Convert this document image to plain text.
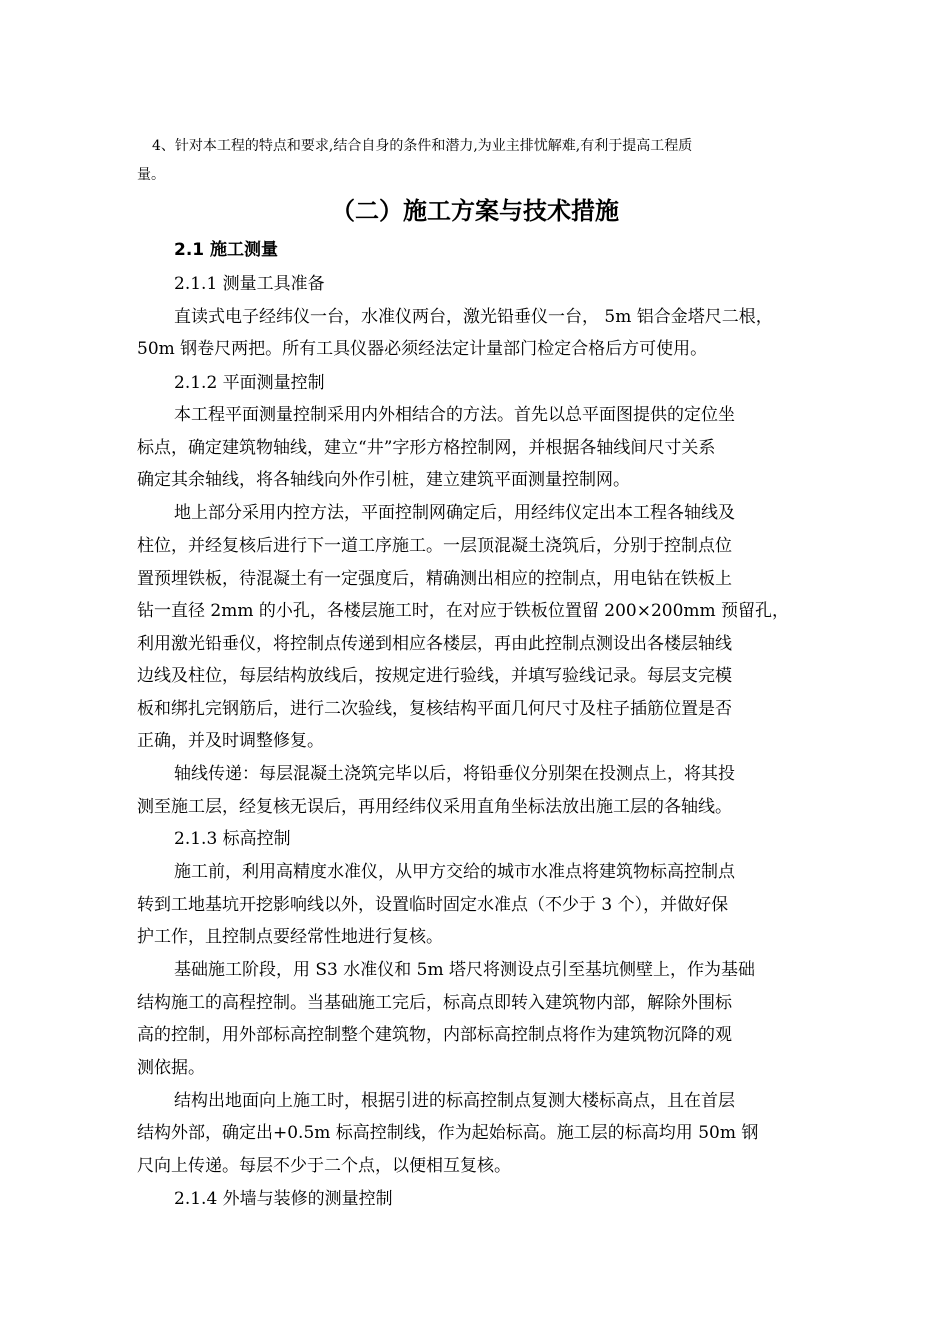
4、针对本工程的特点和要求,结合自身的条件和潜力,为业主排忧解难,有利于提高工程质
量。
（二）施工方案与技术措施
2.1 施工测量
2.1.1 测量工具准备
直读式电子经纬仪一台，水准仪两台，激光铅垂仪一台， 5m 铝合金塔尺二根，
50m 钢卷尺两把。所有工具仪器必须经法定计量部门检定合格后方可使用。
2.1.2 平面测量控制
本工程平面测量控制采用内外相结合的方法。首先以总平面图提供的定位坐
标点，确定建筑物轴线，建立“井”字形方格控制网，并根据各轴线间尺寸关系
确定其余轴线，将各轴线向外作引桩，建立建筑平面测量控制网。
地上部分采用内控方法，平面控制网确定后，用经纬仪定出本工程各轴线及
柱位，并经复核后进行下一道工序施工。一层顶混凝土浇筑后，分别于控制点位
置预埋铁板，待混凝土有一定强度后，精确测出相应的控制点，用电钻在铁板上
钻一直径 2mm 的小孔，各楼层施工时，在对应于铁板位置留 200×200mm 预留孔，
利用激光铅垂仪，将控制点传递到相应各楼层，再由此控制点测设出各楼层轴线
边线及柱位，每层结构放线后，按规定进行验线，并填写验线记录。每层支完模
板和绑扎完钢筋后，进行二次验线，复核结构平面几何尺寸及柱子插筋位置是否
正确，并及时调整修复。
轴线传递：每层混凝土浇筑完毕以后，将铅垂仪分别架在投测点上，将其投
测至施工层，经复核无误后，再用经纬仪采用直角坐标法放出施工层的各轴线。
2.1.3 标高控制
施工前，利用高精度水准仪，从甲方交给的城市水准点将建筑物标高控制点
转到工地基坑开挖影响线以外，设置临时固定水准点（不少于 3 个），并做好保
护工作，且控制点要经常性地进行复核。
基础施工阶段，用 S3 水准仪和 5m 塔尺将测设点引至基坑侧壁上，作为基础
结构施工的高程控制。当基础施工完后，标高点即转入建筑物内部，解除外围标
高的控制，用外部标高控制整个建筑物，内部标高控制点将作为建筑物沉降的观
测依据。
结构出地面向上施工时，根据引进的标高控制点复测大楼标高点，且在首层
结构外部，确定出+0.5m 标高控制线，作为起始标高。施工层的标高均用 50m 钢
尺向上传递。每层不少于二个点，以便相互复核。
2.1.4 外墙与装修的测量控制
